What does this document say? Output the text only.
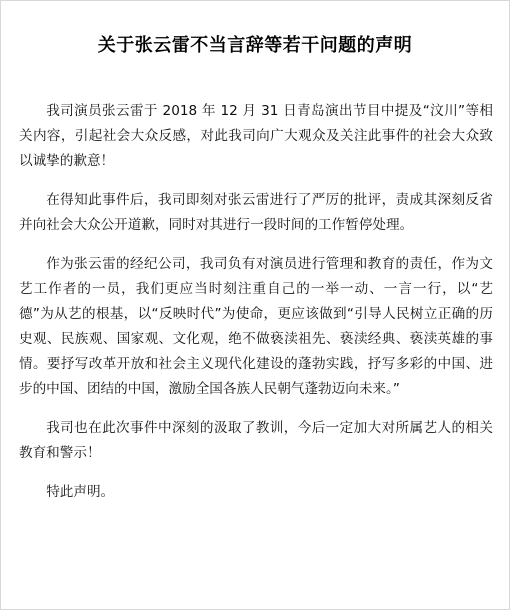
关于张云雷不当言辞等若干问题的声明

我司演员张云雷于 2018 年 12 月 31 日青岛演出节目中提及“汶川”等相关内容，引起社会大众反感，对此我司向广大观众及关注此事件的社会大众致以诚挚的歉意！

在得知此事件后，我司即刻对张云雷进行了严厉的批评，责成其深刻反省并向社会大众公开道歉，同时对其进行一段时间的工作暂停处理。

作为张云雷的经纪公司，我司负有对演员进行管理和教育的责任，作为文艺工作者的一员，我们更应当时刻注重自己的一举一动、一言一行，以“艺德”为从艺的根基，以“反映时代”为使命，更应该做到“引导人民树立正确的历史观、民族观、国家观、文化观，绝不做亵渎祖先、亵渎经典、亵渎英雄的事情。要抒写改革开放和社会主义现代化建设的蓬勃实践，抒写多彩的中国、进步的中国、团结的中国，激励全国各族人民朝气蓬勃迈向未来。”

我司也在此次事件中深刻的汲取了教训，今后一定加大对所属艺人的相关教育和警示！

特此声明。
